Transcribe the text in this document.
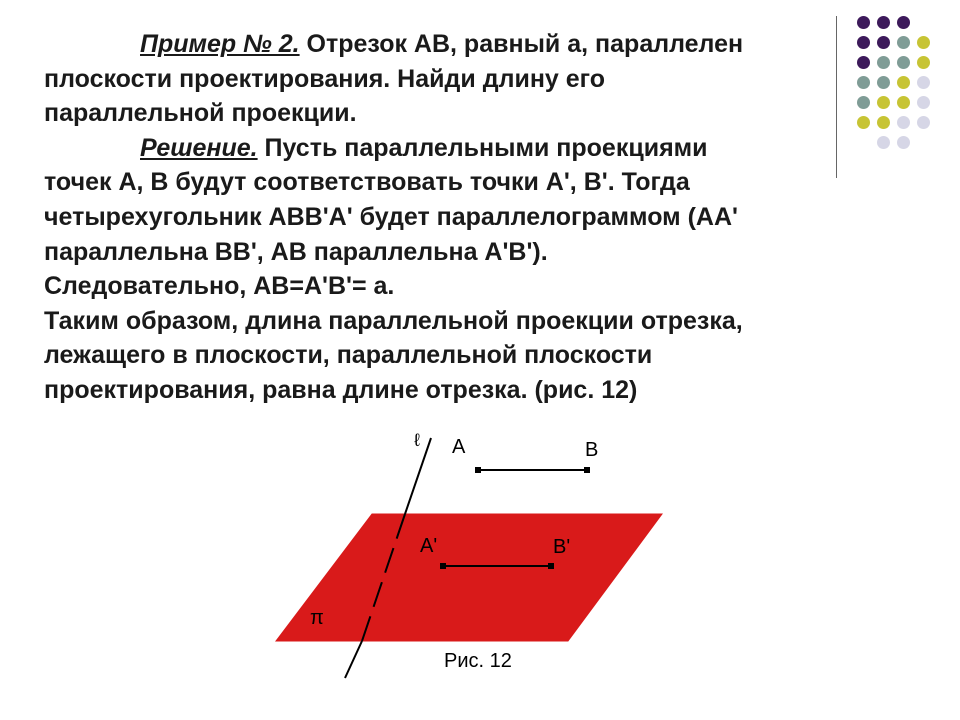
Пример № 2. Отрезок АВ, равный а, параллелен
плоскости проектирования. Найди длину его
параллельной проекции.
Решение. Пусть параллельными проекциями
точек А, В будут соответствовать точки А', В'. Тогда
четырехугольник АВВ'А' будет параллелограммом (АА'
параллельна ВВ', АВ параллельна А'В').
Следовательно, АВ=А'В'= а.
Таким образом, длина параллельной проекции отрезка,
лежащего в плоскости, параллельной плоскости
проектирования, равна длине отрезка. (рис. 12)
ℓ A	B
A'	B'
π
Рис. 12
